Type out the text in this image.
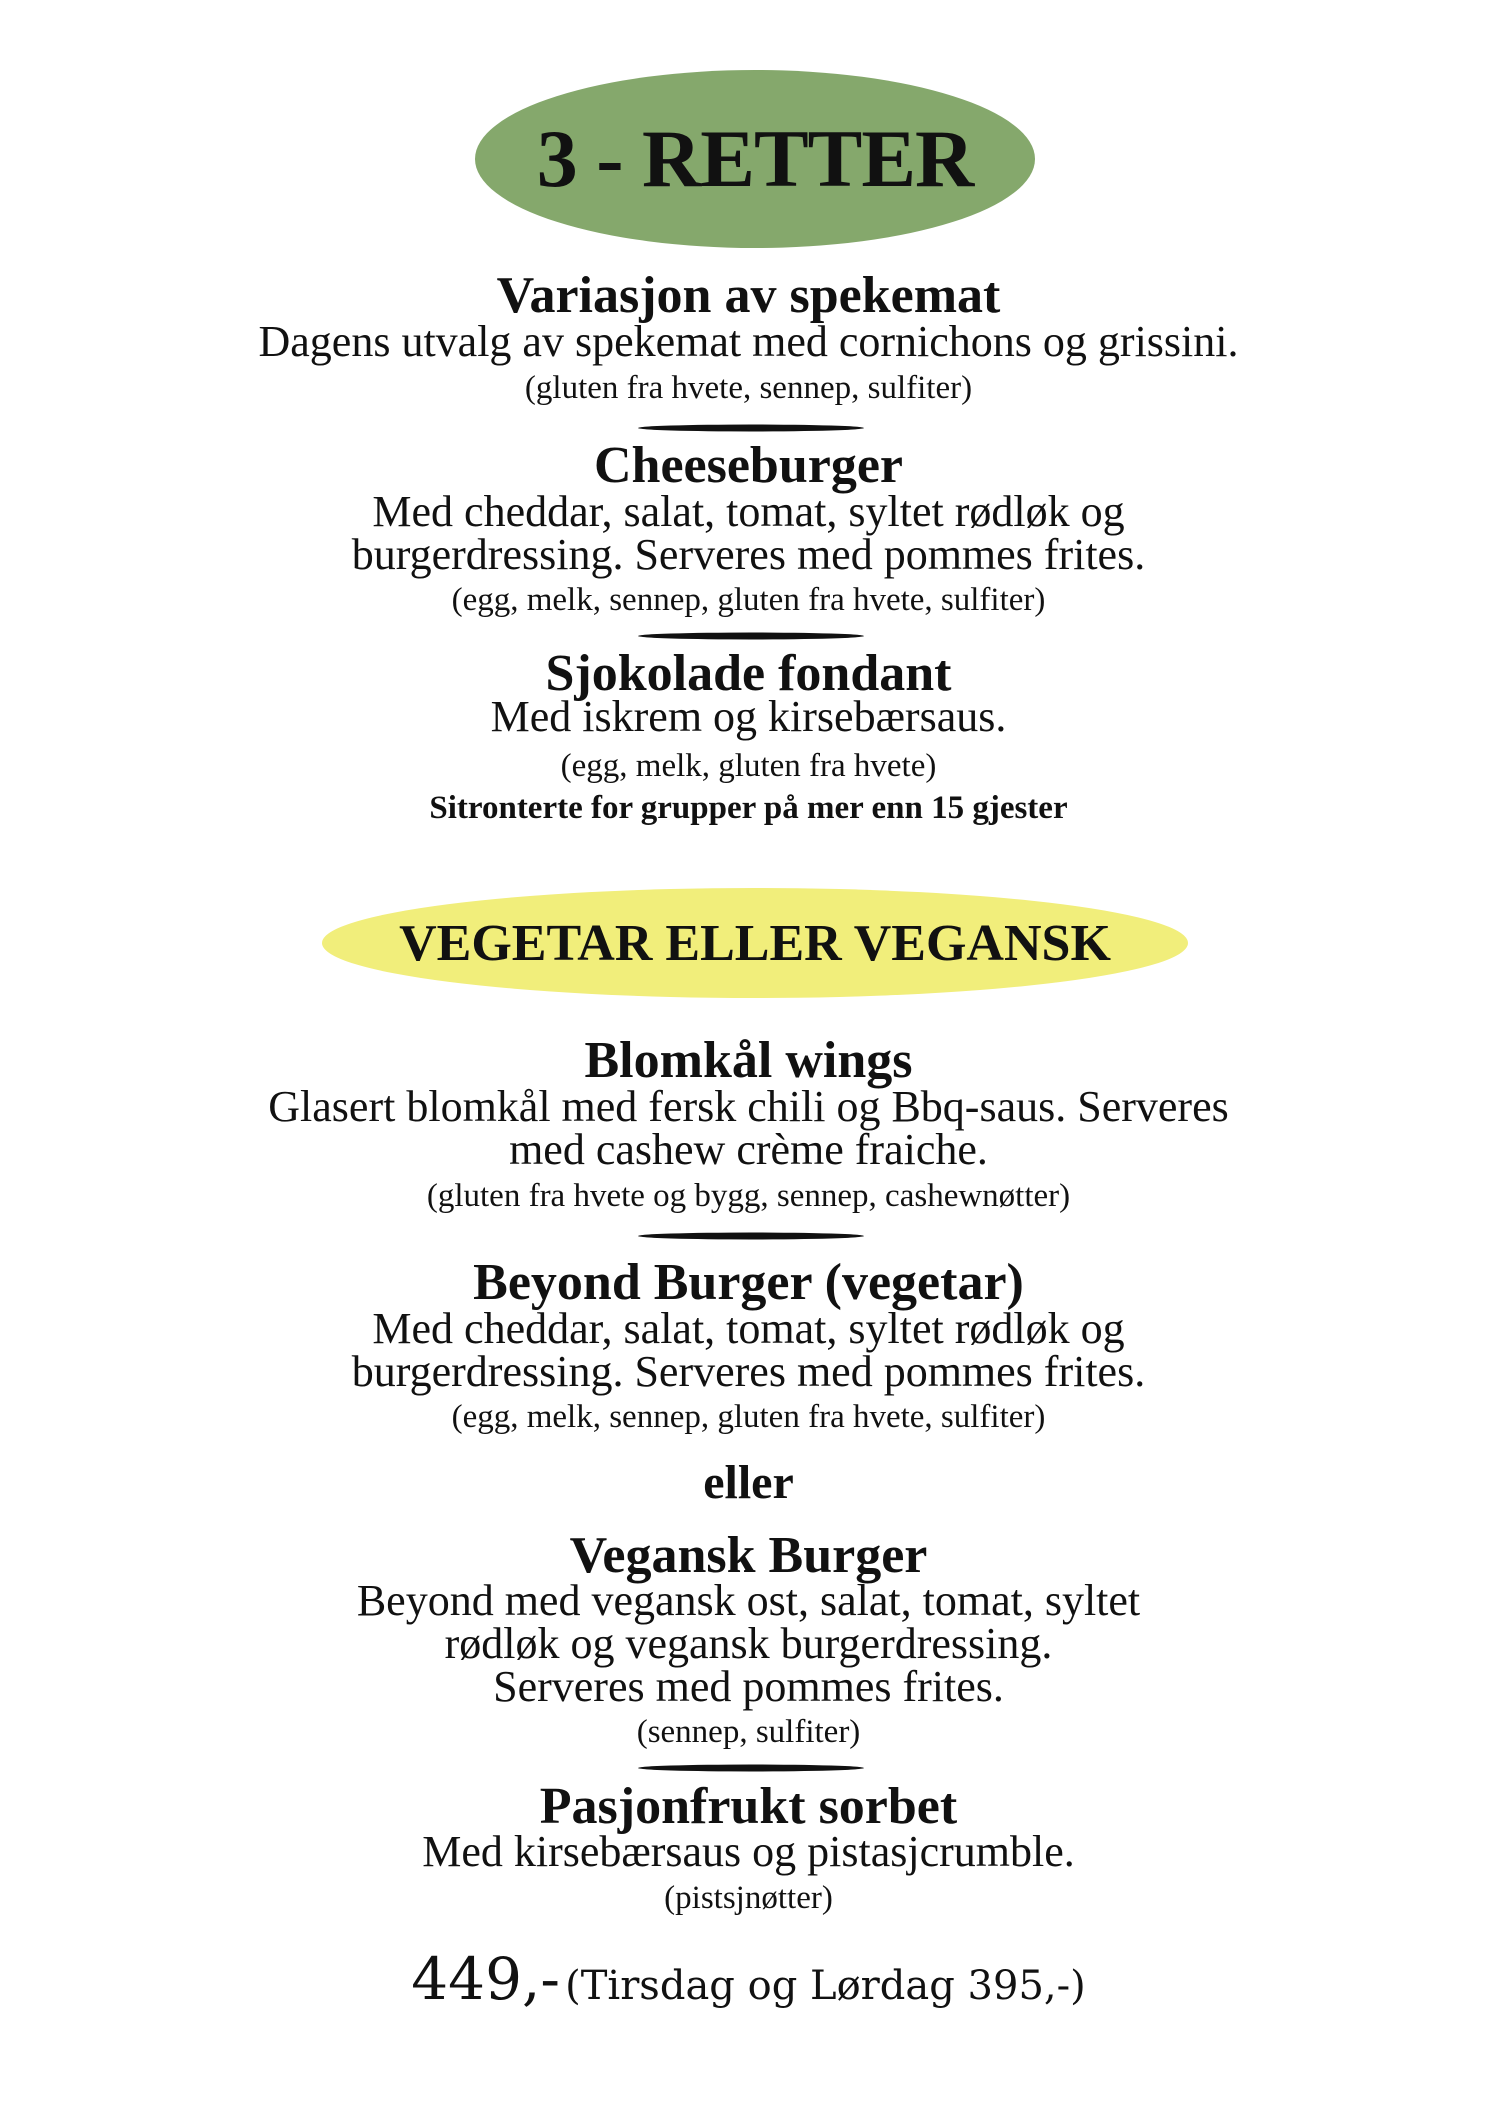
3 - RETTER
Variasjon av spekemat
Dagens utvalg av spekemat med cornichons og grissini.
(gluten fra hvete, sennep, sulfiter)
Cheeseburger
Med cheddar, salat, tomat, syltet rødløk og
burgerdressing. Serveres med pommes frites.
(egg, melk, sennep, gluten fra hvete, sulfiter)
Sjokolade fondant
Med iskrem og kirsebærsaus.
(egg, melk, gluten fra hvete)
Sitronterte for grupper på mer enn 15 gjester
VEGETAR ELLER VEGANSK
Blomkål wings
Glasert blomkål med fersk chili og Bbq-saus. Serveres
med cashew crème fraiche.
(gluten fra hvete og bygg, sennep, cashewnøtter)
Beyond Burger (vegetar)
Med cheddar, salat, tomat, syltet rødløk og
burgerdressing. Serveres med pommes frites.
(egg, melk, sennep, gluten fra hvete, sulfiter)
eller
Vegansk Burger
Beyond med vegansk ost, salat, tomat, syltet
rødløk og vegansk burgerdressing.
Serveres med pommes frites.
(sennep, sulfiter)
Pasjonfrukt sorbet
Med kirsebærsaus og pistasjcrumble.
(pistsjnøtter)
449,- (Tirsdag og Lørdag 395,-)
